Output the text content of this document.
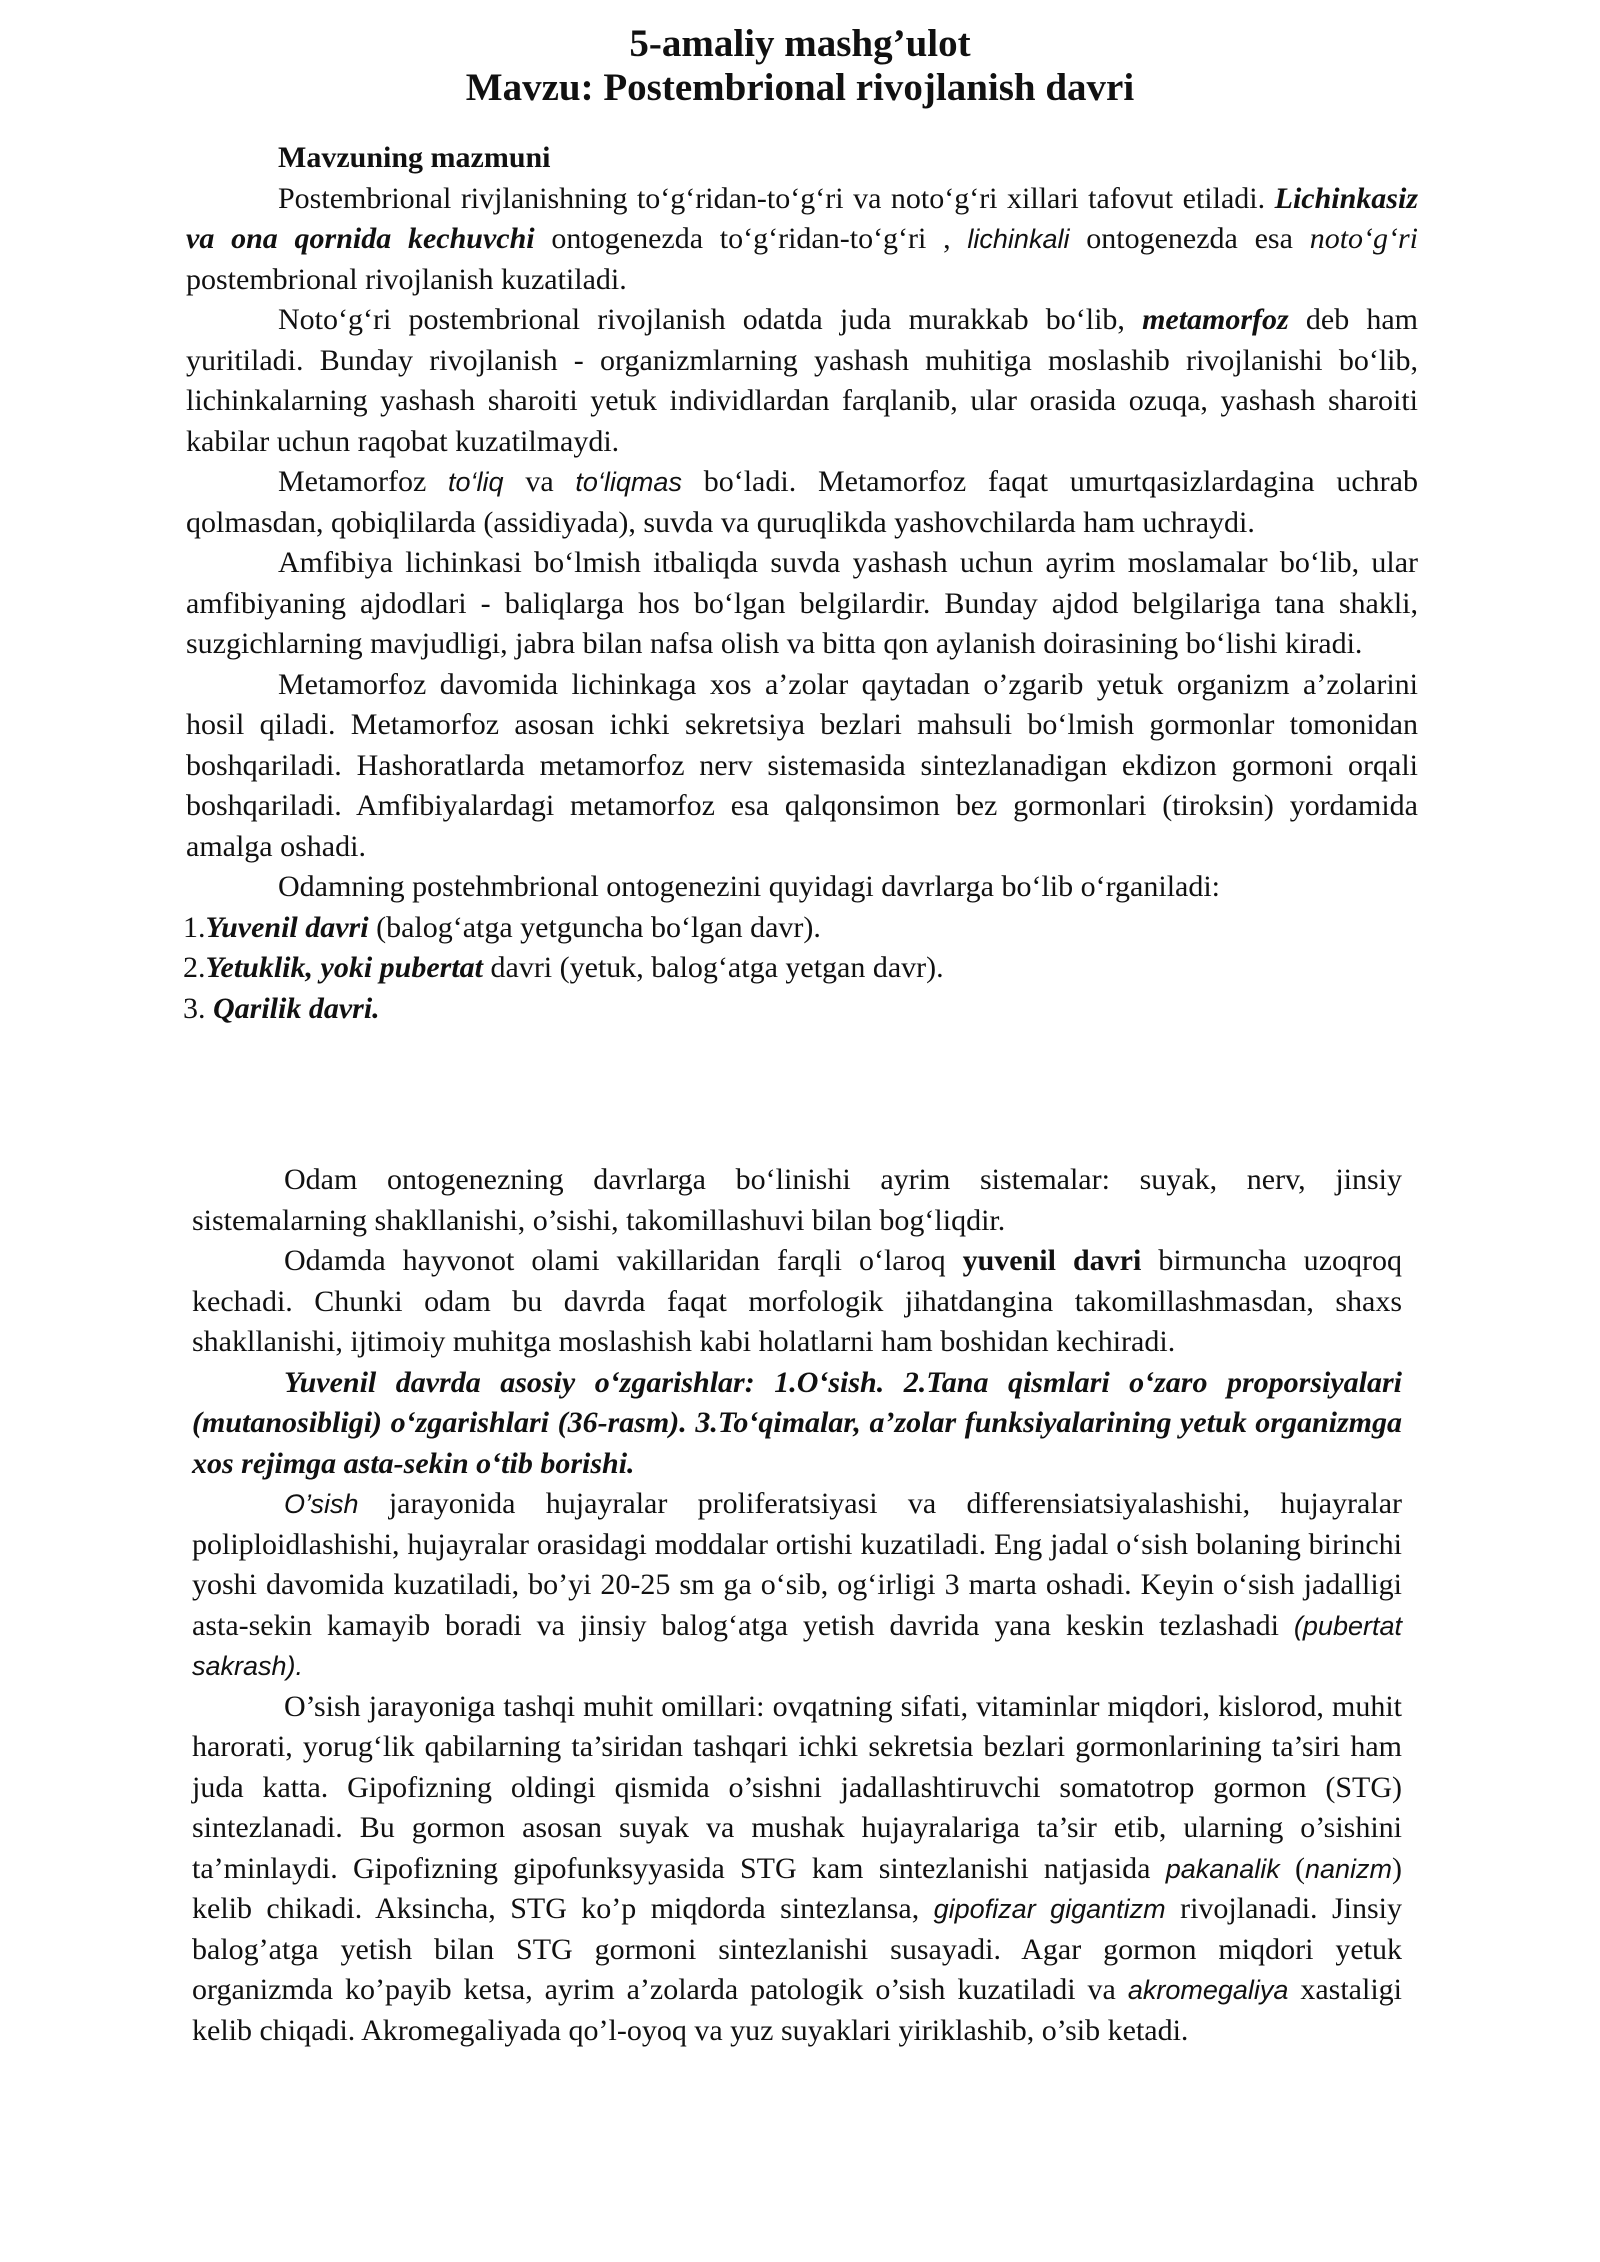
5-amaliy mashg’ulot
Mavzu: Postembrional rivojlanish davri
Mavzuning mazmuni

Postembrional rivjlanishning to‘g‘ridan-to‘g‘ri va noto‘g‘ri xillari tafovut etiladi. Lichinkasiz va ona qornida kechuvchi ontogenezda to‘g‘ridan-to‘g‘ri , lichinkali ontogenezda esa noto‘g‘ri postembrional rivojlanish kuzatiladi.

Noto‘g‘ri postembrional rivojlanish odatda juda murakkab bo‘lib, metamorfoz deb ham yuritiladi. Bunday rivojlanish - organizmlarning yashash muhitiga moslashib rivojlanishi bo‘lib, lichinkalarning yashash sharoiti yetuk individlardan farqlanib, ular orasida ozuqa, yashash sharoiti kabilar uchun raqobat kuzatilmaydi.

Metamorfoz to‘liq va to‘liqmas bo‘ladi. Metamorfoz faqat umurtqasizlardagina uchrab qolmasdan, qobiqlilarda (assidiyada), suvda va quruqlikda yashovchilarda ham uchraydi.

Amfibiya lichinkasi bo‘lmish itbaliqda suvda yashash uchun ayrim moslamalar bo‘lib, ular amfibiyaning ajdodlari - baliqlarga hos bo‘lgan belgilardir. Bunday ajdod belgilariga tana shakli, suzgichlarning mavjudligi, jabra bilan nafsa olish va bitta qon aylanish doirasining bo‘lishi kiradi.

Metamorfoz davomida lichinkaga xos a’zolar qaytadan o’zgarib yetuk organizm a’zolarini hosil qiladi. Metamorfoz asosan ichki sekretsiya bezlari mahsuli bo‘lmish gormonlar tomonidan boshqariladi. Hashoratlarda metamorfoz nerv sistemasida sintezlanadigan ekdizon gormoni orqali boshqariladi. Amfibiyalardagi metamorfoz esa qalqonsimon bez gormonlari (tiroksin) yordamida amalga oshadi.

Odamning postehmbrional ontogenezini quyidagi davrlarga bo‘lib o‘rganiladi:

1.Yuvenil davri (balog‘atga yetguncha bo‘lgan davr).

2.Yetuklik, yoki pubertat davri (yetuk, balog‘atga yetgan davr).

3. Qarilik davri.

Odam ontogenezning davrlarga bo‘linishi ayrim sistemalar: suyak, nerv, jinsiy sistemalarning shakllanishi, o’sishi, takomillashuvi bilan bog‘liqdir.

Odamda hayvonot olami vakillaridan farqli o‘laroq yuvenil davri birmuncha uzoqroq kechadi. Chunki odam bu davrda faqat morfologik jihatdangina takomillashmasdan, shaxs shakllanishi, ijtimoiy muhitga moslashish kabi holatlarni ham boshidan kechiradi.

Yuvenil davrda asosiy o‘zgarishlar: 1.O‘sish. 2.Tana qismlari o‘zaro proporsiyalari (mutanosibligi) o‘zgarishlari (36-rasm). 3.To‘qimalar, a’zolar funksiyalarining yetuk organizmga xos rejimga asta-sekin o‘tib borishi.

O’sish jarayonida hujayralar proliferatsiyasi va differensiatsiyalashishi, hujayralar poliploidlashishi, hujayralar orasidagi moddalar ortishi kuzatiladi. Eng jadal o‘sish bolaning birinchi yoshi davomida kuzatiladi, bo’yi 20-25 sm ga o‘sib, og‘irligi 3 marta oshadi. Keyin o‘sish jadalligi asta-sekin kamayib boradi va jinsiy balog‘atga yetish davrida yana keskin tezlashadi (pubertat sakrash).

O’sish jarayoniga tashqi muhit omillari: ovqatning sifati, vitaminlar miqdori, kislorod, muhit harorati, yorug‘lik qabilarning ta’siridan tashqari ichki sekretsia bezlari gormonlarining ta’siri ham juda katta. Gipofizning oldingi qismida o’sishni jadallashtiruvchi somatotrop gormon (STG) sintezlanadi. Bu gormon asosan suyak va mushak hujayralariga ta’sir etib, ularning o’sishini ta’minlaydi. Gipofizning gipofunksyyasida STG kam sintezlanishi natjasida pakanalik (nanizm) kelib chikadi. Aksincha, STG ko’p miqdorda sintezlansa, gipofizar gigantizm rivojlanadi. Jinsiy balog’atga yetish bilan STG gormoni sintezlanishi susayadi. Agar gormon miqdori yetuk organizmda ko’payib ketsa, ayrim a’zolarda patologik o’sish kuzatiladi va akromegaliya xastaligi kelib chiqadi. Akromegaliyada qo’l-oyoq va yuz suyaklari yiriklashib, o’sib ketadi.
